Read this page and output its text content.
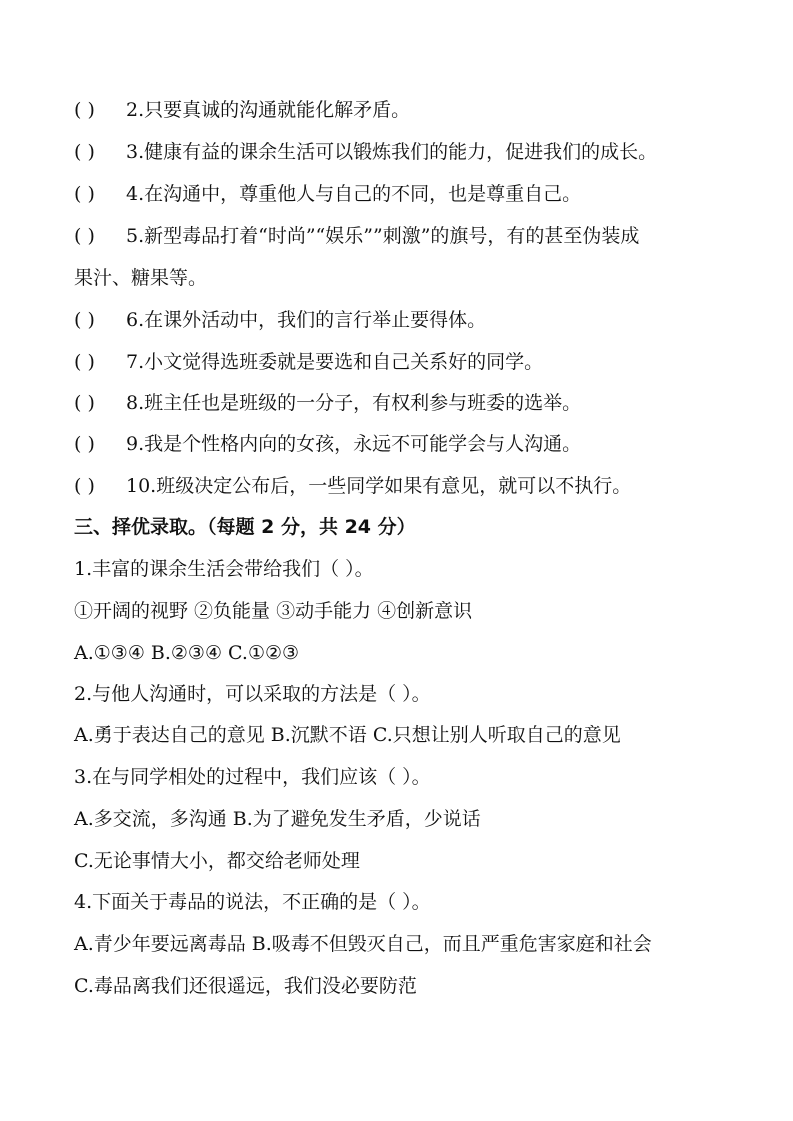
( ) 2.只要真诚的沟通就能化解矛盾。
( ) 3.健康有益的课余生活可以锻炼我们的能力，促进我们的成长。
( ) 4.在沟通中，尊重他人与自己的不同，也是尊重自己。
( ) 5.新型毒品打着“时尚”“娱乐””刺激”的旗号，有的甚至伪装成
果汁、糖果等。
( ) 6.在课外活动中，我们的言行举止要得体。
( ) 7.小文觉得选班委就是要选和自己关系好的同学。
( ) 8.班主任也是班级的一分子，有权利参与班委的选举。
( ) 9.我是个性格内向的女孩，永远不可能学会与人沟通。
( ) 10.班级决定公布后，一些同学如果有意见，就可以不执行。
三、择优录取。（每题 2 分，共 24 分）
1.丰富的课余生活会带给我们（ ）。
①开阔的视野 ②负能量 ③动手能力 ④创新意识
A.①③④ B.②③④ C.①②③
2.与他人沟通时，可以采取的方法是（ ）。
A.勇于表达自己的意见 B.沉默不语 C.只想让别人听取自己的意见
3.在与同学相处的过程中，我们应该（ ）。
A.多交流，多沟通 B.为了避免发生矛盾，少说话
C.无论事情大小，都交给老师处理
4.下面关于毒品的说法，不正确的是（ ）。
A.青少年要远离毒品 B.吸毒不但毁灭自己，而且严重危害家庭和社会
C.毒品离我们还很遥远，我们没必要防范
